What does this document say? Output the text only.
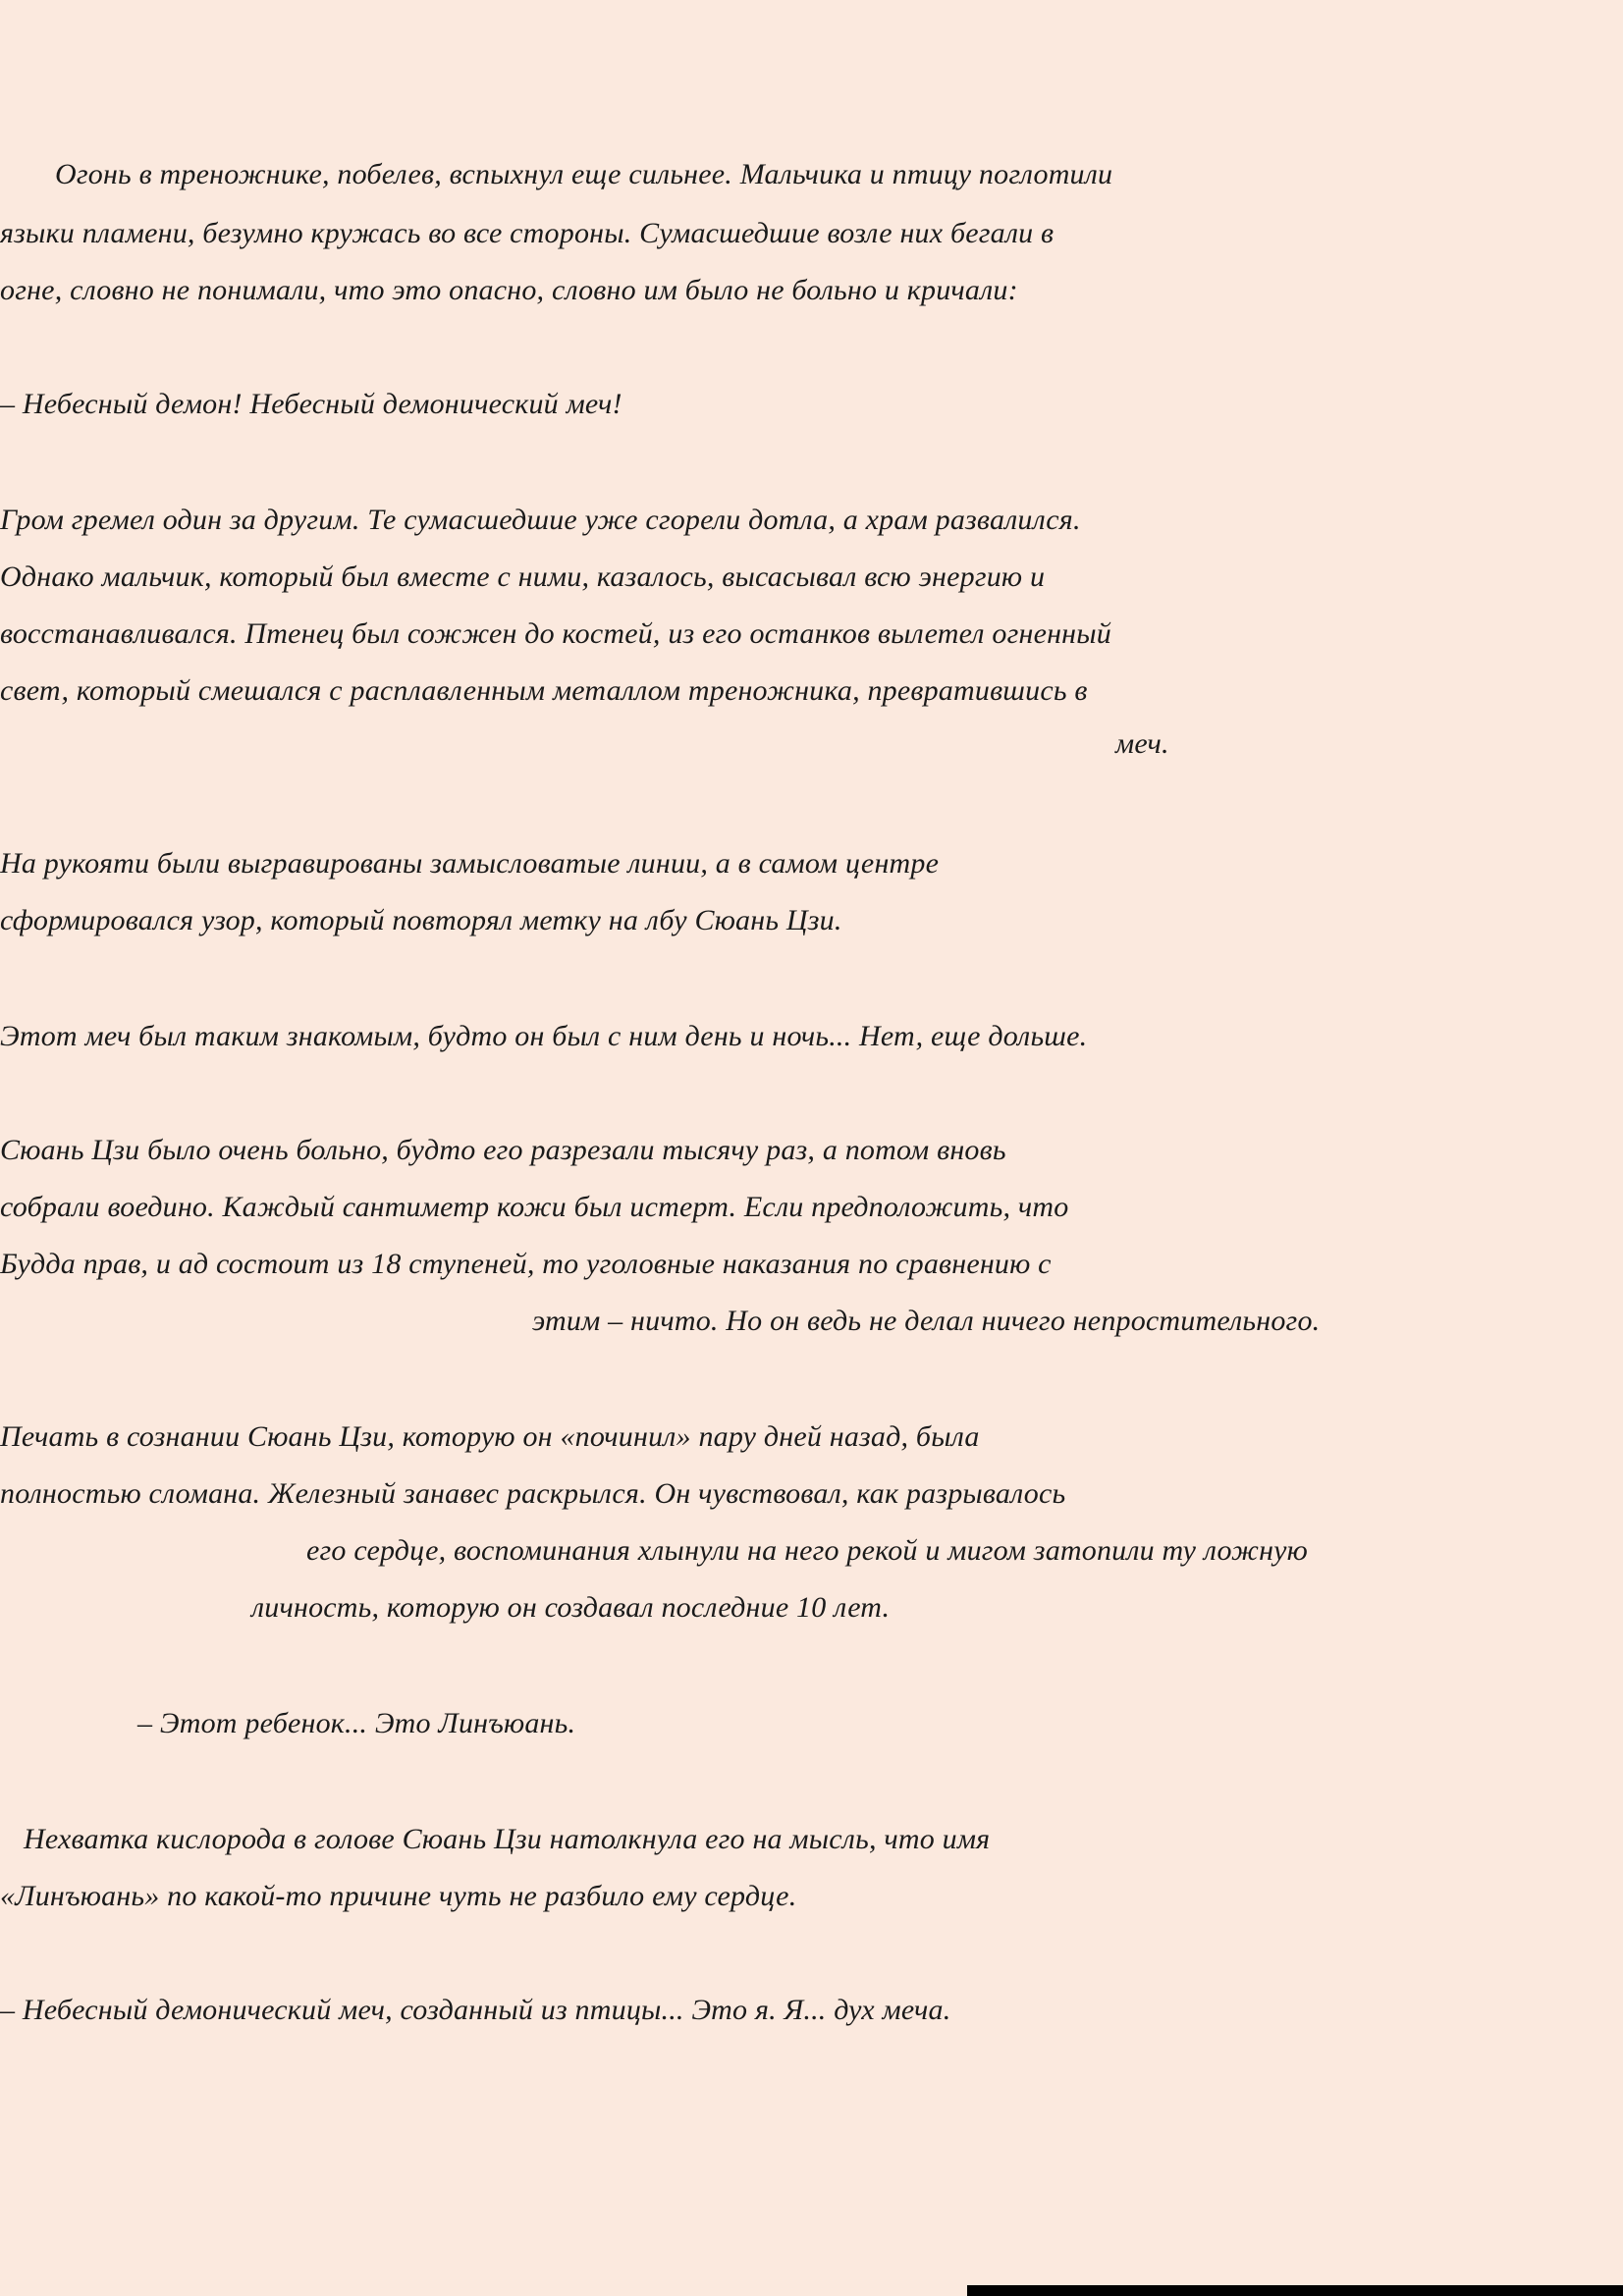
Огонь в треножнике, побелев, вспыхнул еще сильнее. Мальчика и птицу поглотили
языки пламени, безумно кружась во все стороны. Сумасшедшие возле них бегали в
огне, словно не понимали, что это опасно, словно им было не больно и кричали:
– Небесный демон! Небесный демонический меч!
Гром гремел один за другим. Те сумасшедшие уже сгорели дотла, а храм развалился.
Однако мальчик, который был вместе с ними, казалось, высасывал всю энергию и
восстанавливался. Птенец был сожжен до костей, из его останков вылетел огненный
свет, который смешался с расплавленным металлом треножника, превратившись в
меч.
На рукояти были выгравированы замысловатые линии, а в самом центре
сформировался узор, который повторял метку на лбу Сюань Цзи.
Этот меч был таким знакомым, будто он был с ним день и ночь... Нет, еще дольше.
Сюань Цзи было очень больно, будто его разрезали тысячу раз, а потом вновь
собрали воедино. Каждый сантиметр кожи был истерт. Если предположить, что
Будда прав, и ад состоит из 18 ступеней, то уголовные наказания по сравнению с
этим – ничто. Но он ведь не делал ничего непростительного.
Печать в сознании Сюань Цзи, которую он «починил» пару дней назад, была
полностью сломана. Железный занавес раскрылся. Он чувствовал, как разрывалось
его сердце, воспоминания хлынули на него рекой и мигом затопили ту ложную
личность, которую он создавал последние 10 лет.
– Этот ребенок... Это Линъюань.
Нехватка кислорода в голове Сюань Цзи натолкнула его на мысль, что имя
«Линъюань» по какой-то причине чуть не разбило ему сердце.
– Небесный демонический меч, созданный из птицы... Это я. Я... дух меча.
